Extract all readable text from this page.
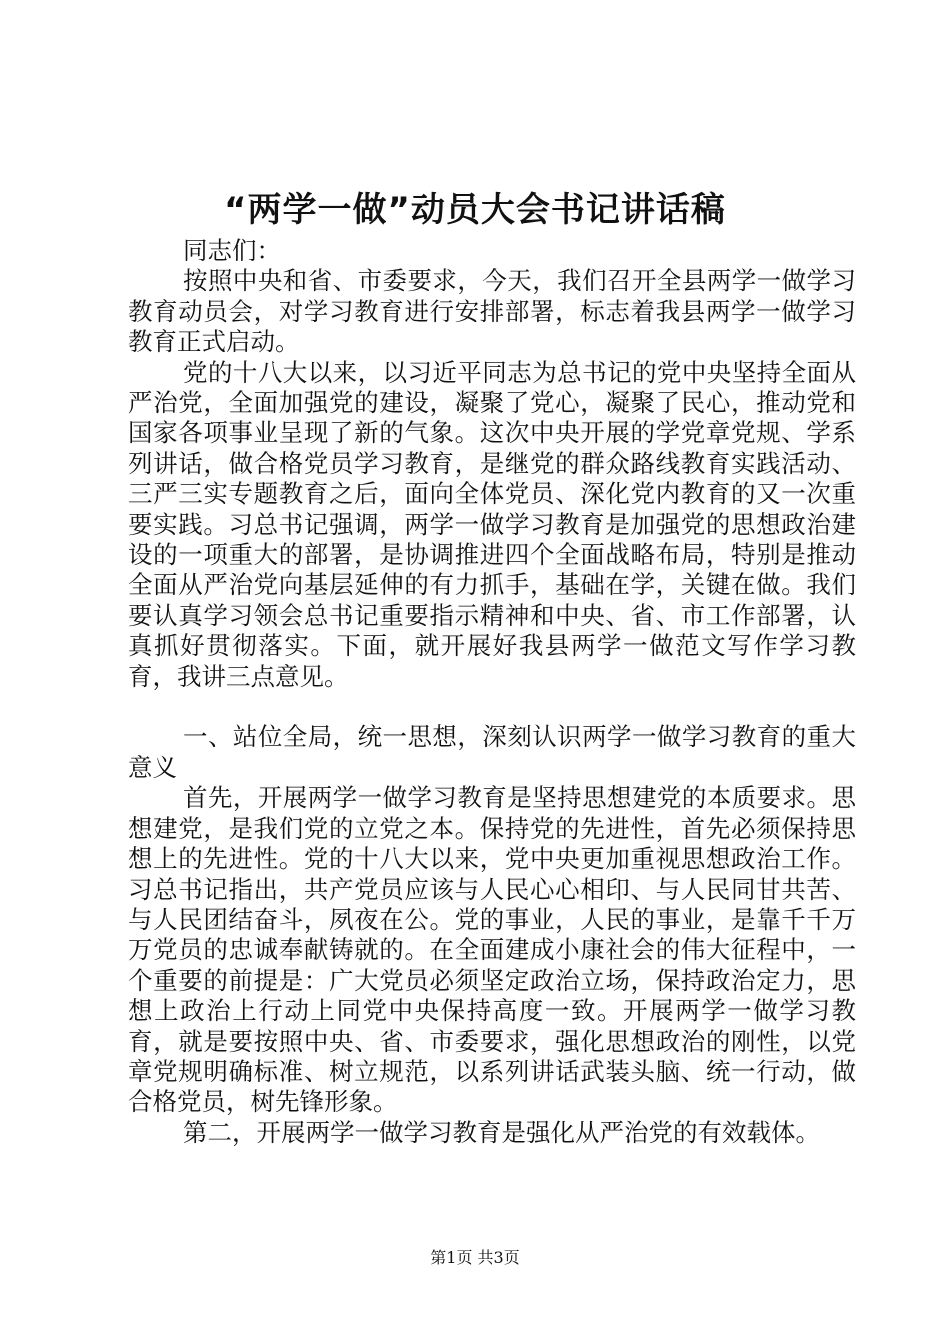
“两学一做”动员大会书记讲话稿

同志们：

按照中央和省、市委要求，今天，我们召开全县两学一做学习教育动员会，对学习教育进行安排部署，标志着我县两学一做学习教育正式启动。

党的十八大以来，以习近平同志为总书记的党中央坚持全面从严治党，全面加强党的建设，凝聚了党心，凝聚了民心，推动党和国家各项事业呈现了新的气象。这次中央开展的学党章党规、学系列讲话，做合格党员学习教育，是继党的群众路线教育实践活动、三严三实专题教育之后，面向全体党员、深化党内教育的又一次重要实践。习总书记强调，两学一做学习教育是加强党的思想政治建设的一项重大的部署，是协调推进四个全面战略布局，特别是推动全面从严治党向基层延伸的有力抓手，基础在学，关键在做。我们要认真学习领会总书记重要指示精神和中央、省、市工作部署，认真抓好贯彻落实。下面，就开展好我县两学一做范文写作学习教育，我讲三点意见。

一、站位全局，统一思想，深刻认识两学一做学习教育的重大意义

首先，开展两学一做学习教育是坚持思想建党的本质要求。思想建党，是我们党的立党之本。保持党的先进性，首先必须保持思想上的先进性。党的十八大以来，党中央更加重视思想政治工作。习总书记指出，共产党员应该与人民心心相印、与人民同甘共苦、与人民团结奋斗，夙夜在公。党的事业，人民的事业，是靠千千万万党员的忠诚奉献铸就的。在全面建成小康社会的伟大征程中，一个重要的前提是：广大党员必须坚定政治立场，保持政治定力，思想上政治上行动上同党中央保持高度一致。开展两学一做学习教育，就是要按照中央、省、市委要求，强化思想政治的刚性，以党章党规明确标准、树立规范，以系列讲话武装头脑、统一行动，做合格党员，树先锋形象。

第二，开展两学一做学习教育是强化从严治党的有效载体。

第1页 共3页
